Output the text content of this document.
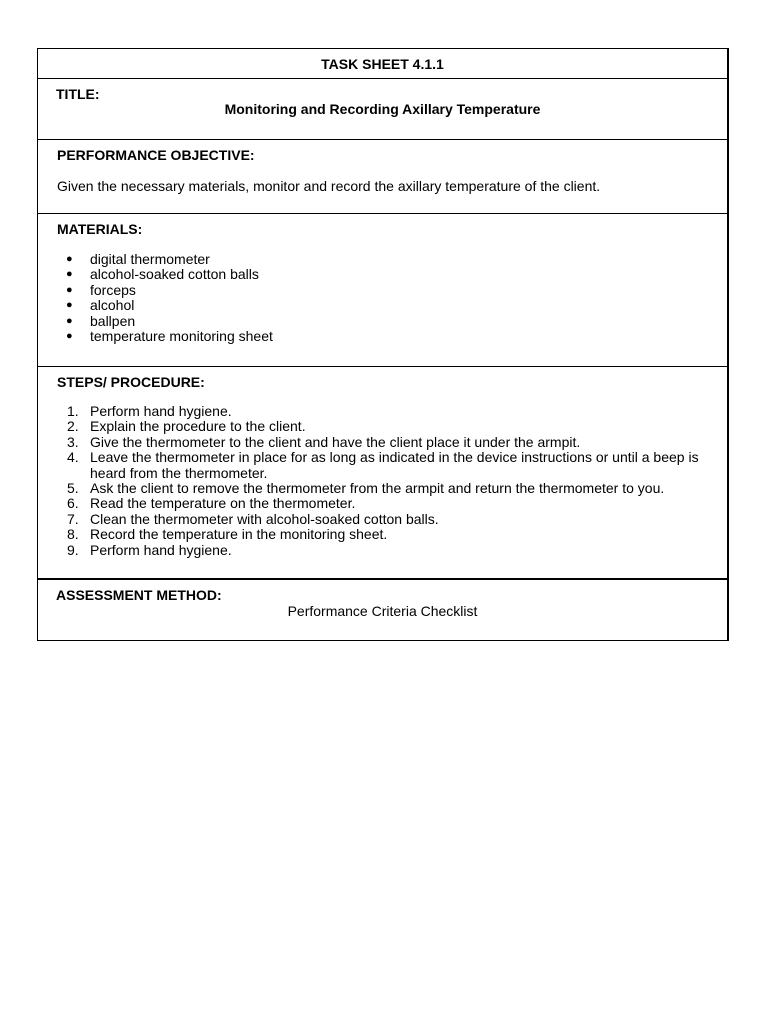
TASK SHEET 4.1.1
TITLE:
Monitoring and Recording Axillary Temperature
PERFORMANCE OBJECTIVE:
Given the necessary materials, monitor and record the axillary temperature of the client.
MATERIALS:
● digital thermometer
● alcohol-soaked cotton balls
● forceps
● alcohol
● ballpen
● temperature monitoring sheet
STEPS/ PROCEDURE:
1. Perform hand hygiene.
2. Explain the procedure to the client.
3. Give the thermometer to the client and have the client place it under the armpit.
4. Leave the thermometer in place for as long as indicated in the device instructions or until a beep is heard from the thermometer.
5. Ask the client to remove the thermometer from the armpit and return the thermometer to you.
6. Read the temperature on the thermometer.
7. Clean the thermometer with alcohol-soaked cotton balls.
8. Record the temperature in the monitoring sheet.
9. Perform hand hygiene.
ASSESSMENT METHOD:
Performance Criteria Checklist
